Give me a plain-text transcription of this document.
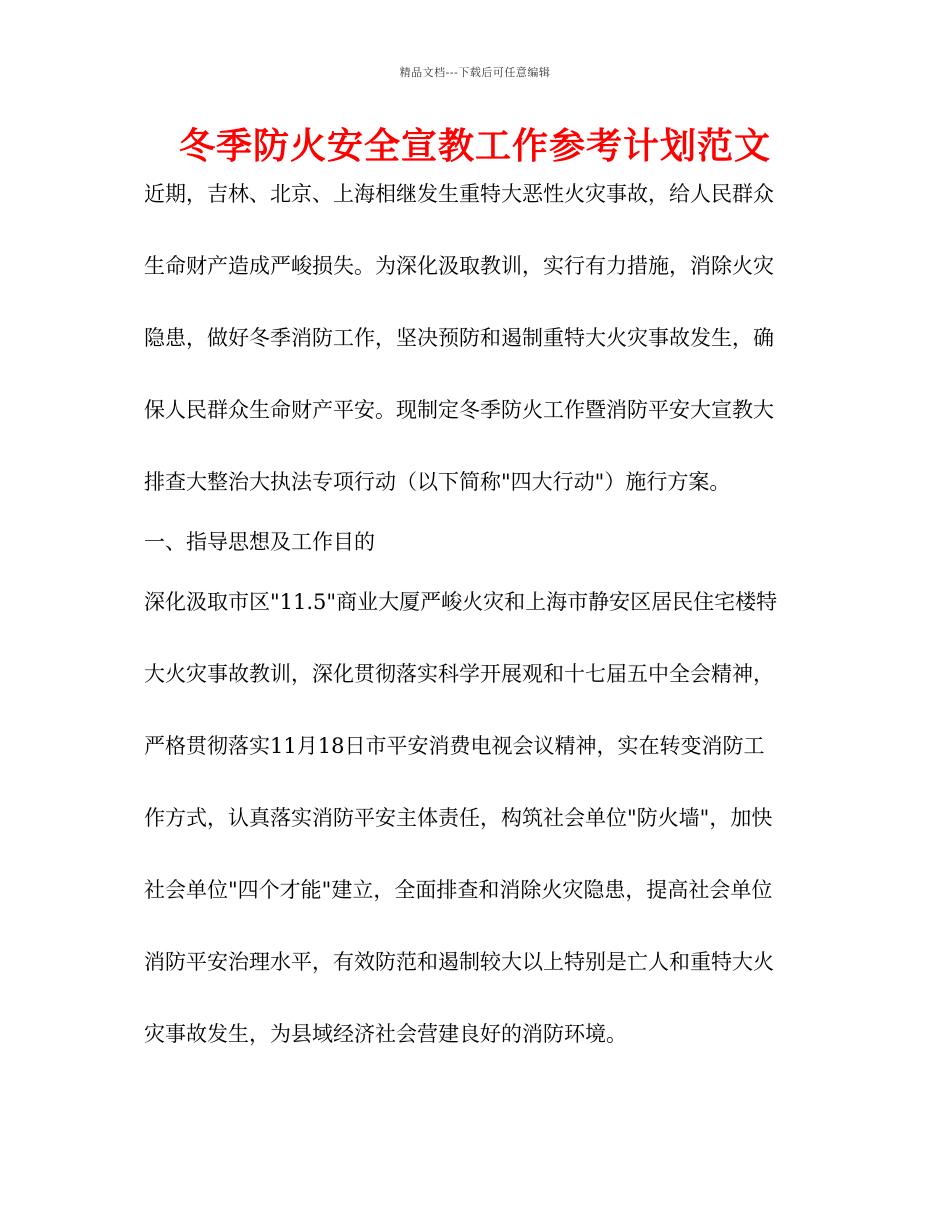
精品文档---下载后可任意编辑
冬季防火安全宣教工作参考计划范文
近期，吉林、北京、上海相继发生重特大恶性火灾事故，给人民群众
生命财产造成严峻损失。为深化汲取教训，实行有力措施，消除火灾
隐患，做好冬季消防工作，坚决预防和遏制重特大火灾事故发生，确
保人民群众生命财产平安。现制定冬季防火工作暨消防平安大宣教大
排查大整治大执法专项行动（以下简称"四大行动"）施行方案。
一、指导思想及工作目的
深化汲取市区"11.5"商业大厦严峻火灾和上海市静安区居民住宅楼特
大火灾事故教训，深化贯彻落实科学开展观和十七届五中全会精神，
严格贯彻落实11月18日市平安消费电视会议精神，实在转变消防工
作方式，认真落实消防平安主体责任，构筑社会单位"防火墙"，加快
社会单位"四个才能"建立，全面排查和消除火灾隐患，提高社会单位
消防平安治理水平，有效防范和遏制较大以上特别是亡人和重特大火
灾事故发生，为县域经济社会营建良好的消防环境。
